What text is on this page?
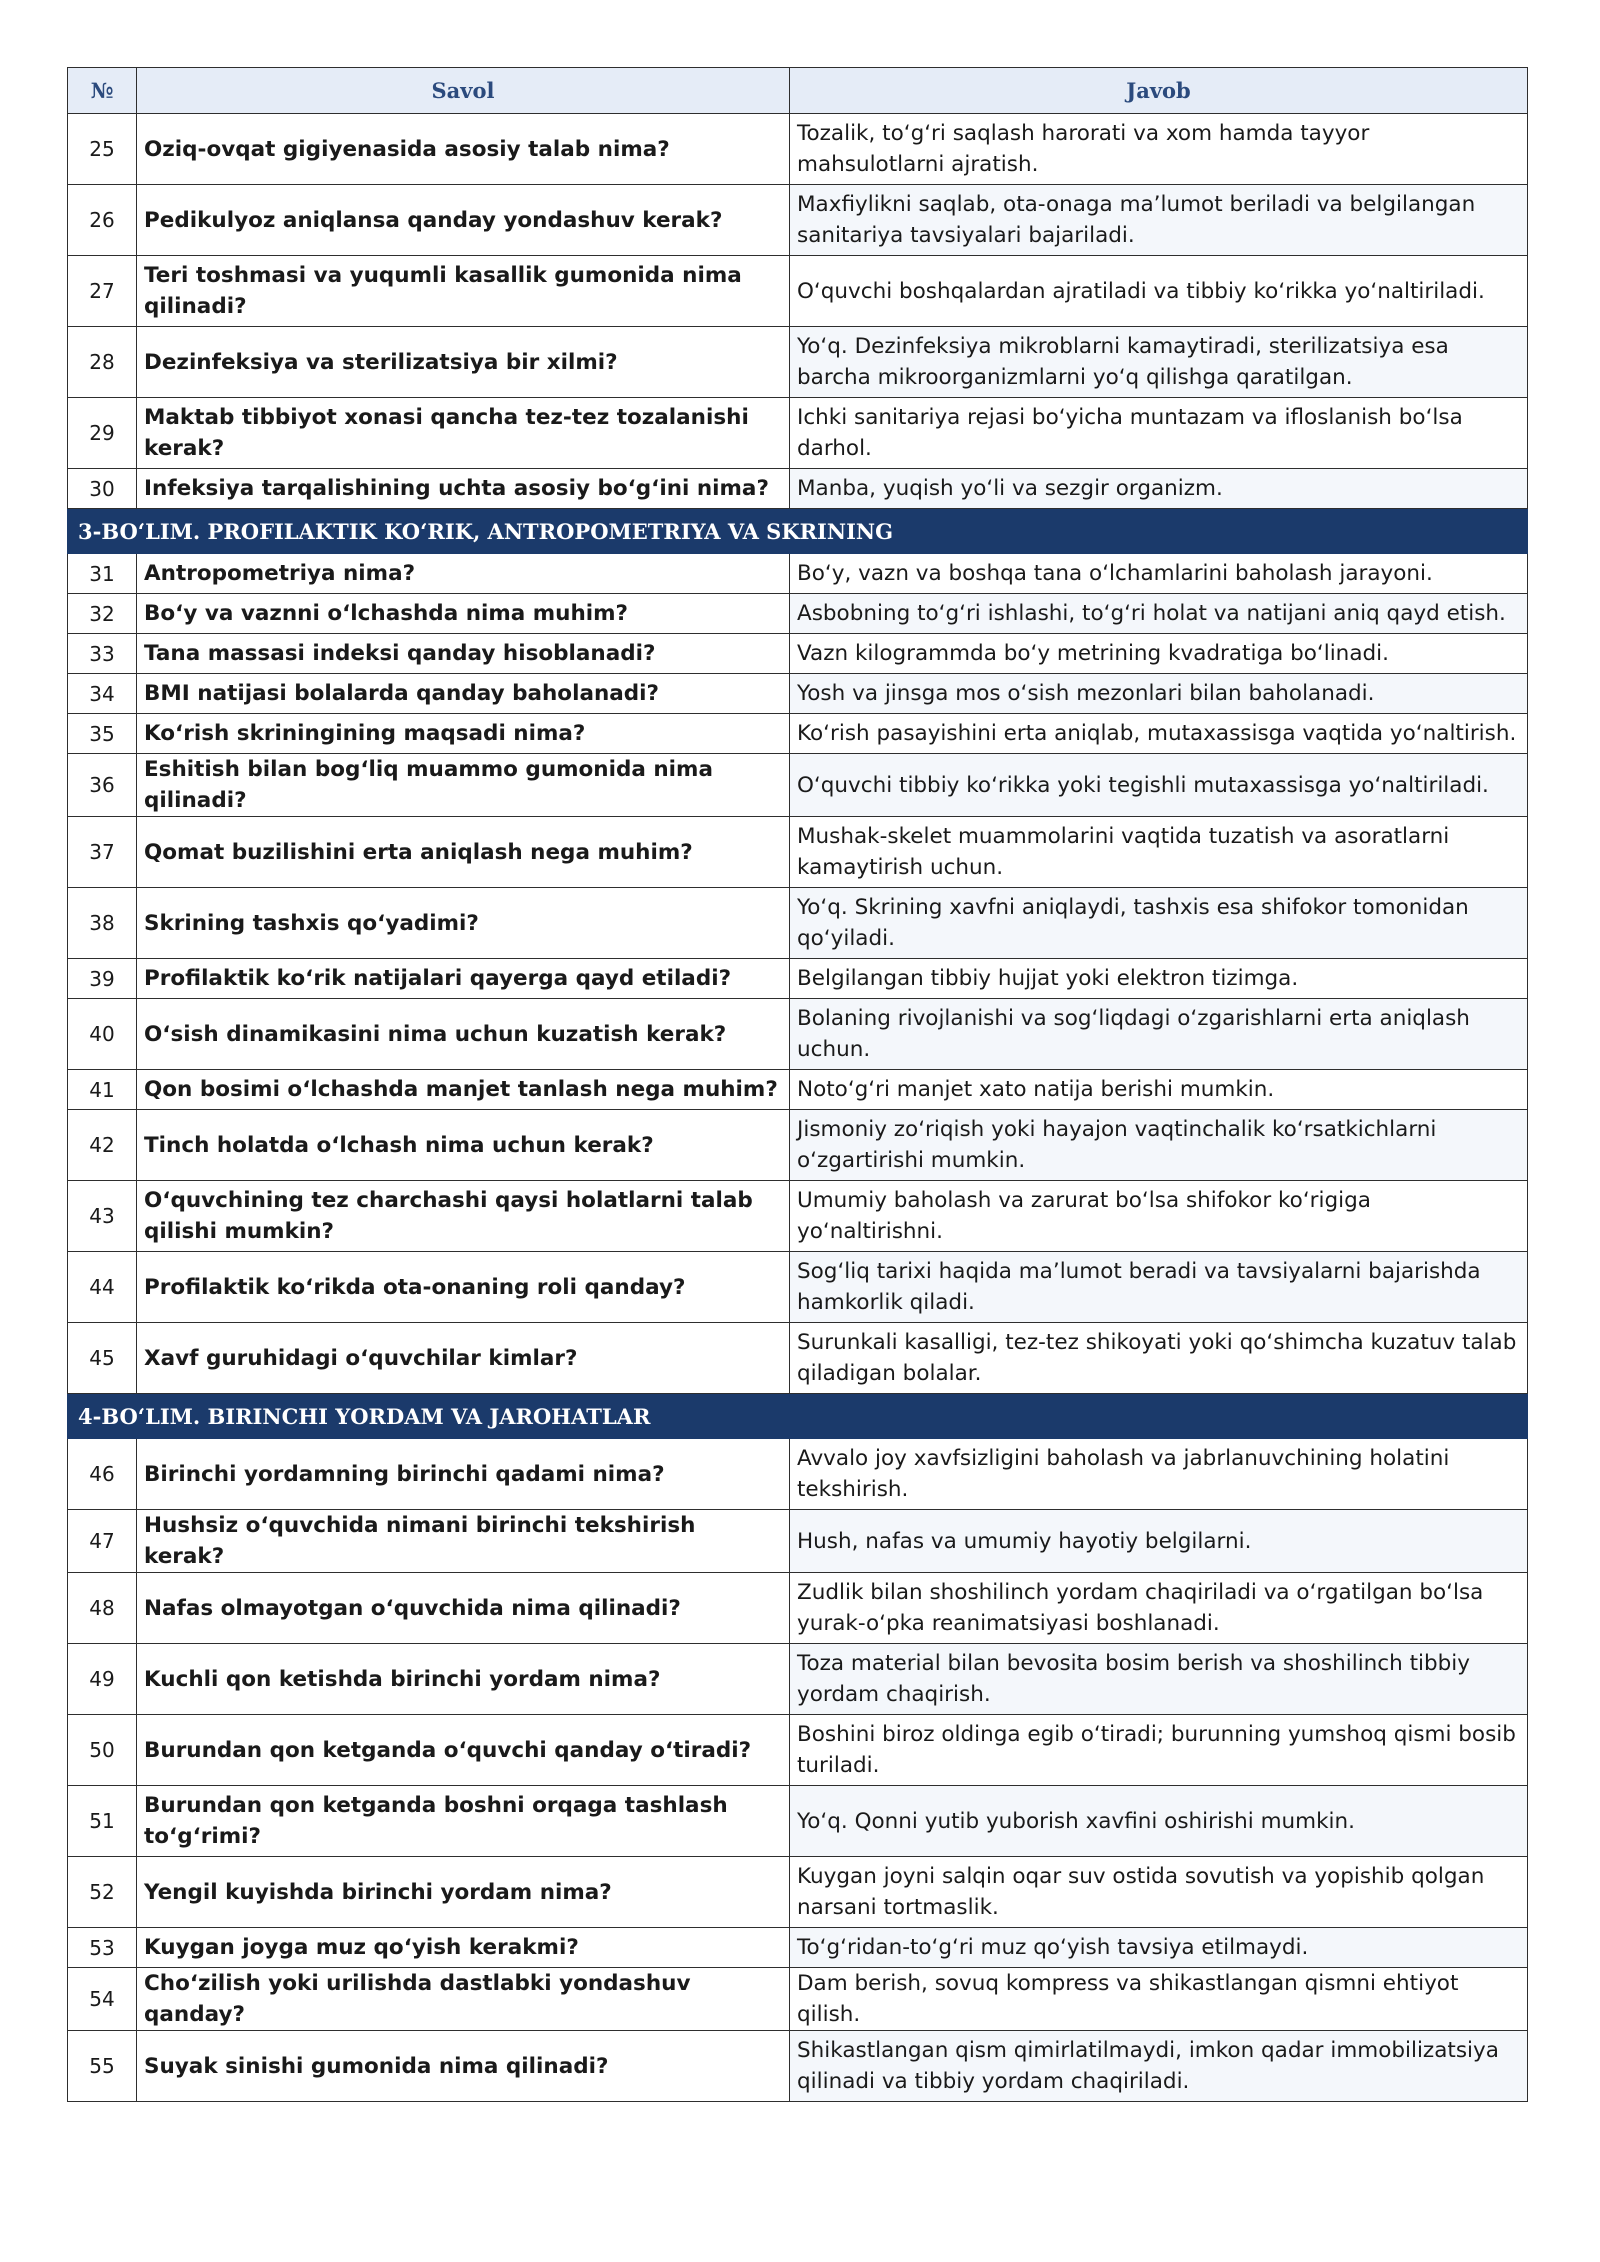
№	Savol	Javob
25	Oziq-ovqat gigiyenasida asosiy talab nima?	Tozalik, to‘g‘ri saqlash harorati va xom hamda tayyor mahsulotlarni ajratish.
26	Pedikulyoz aniqlansa qanday yondashuv kerak?	Maxfiylikni saqlab, ota-onaga ma’lumot beriladi va belgilangan sanitariya tavsiyalari bajariladi.
27	Teri toshmasi va yuqumli kasallik gumonida nima qilinadi?	O‘quvchi boshqalardan ajratiladi va tibbiy ko‘rikka yo‘naltiriladi.
28	Dezinfeksiya va sterilizatsiya bir xilmi?	Yo‘q. Dezinfeksiya mikroblarni kamaytiradi, sterilizatsiya esa barcha mikroorganizmlarni yo‘q qilishga qaratilgan.
29	Maktab tibbiyot xonasi qancha tez-tez tozalanishi kerak?	Ichki sanitariya rejasi bo‘yicha muntazam va ifloslanish bo‘lsa darhol.
30	Infeksiya tarqalishining uchta asosiy bo‘g‘ini nima?	Manba, yuqish yo‘li va sezgir organizm.
3-BO‘LIM. PROFILAKTIK KO‘RIK, ANTROPOMETRIYA VA SKRINING		
31	Antropometriya nima?	Bo‘y, vazn va boshqa tana o‘lchamlarini baholash jarayoni.
32	Bo‘y va vaznni o‘lchashda nima muhim?	Asbobning to‘g‘ri ishlashi, to‘g‘ri holat va natijani aniq qayd etish.
33	Tana massasi indeksi qanday hisoblanadi?	Vazn kilogrammda bo‘y metrining kvadratiga bo‘linadi.
34	BMI natijasi bolalarda qanday baholanadi?	Yosh va jinsga mos o‘sish mezonlari bilan baholanadi.
35	Ko‘rish skriningining maqsadi nima?	Ko‘rish pasayishini erta aniqlab, mutaxassisga vaqtida yo‘naltirish.
36	Eshitish bilan bog‘liq muammo gumonida nima qilinadi?	O‘quvchi tibbiy ko‘rikka yoki tegishli mutaxassisga yo‘naltiriladi.
37	Qomat buzilishini erta aniqlash nega muhim?	Mushak-skelet muammolarini vaqtida tuzatish va asoratlarni kamaytirish uchun.
38	Skrining tashxis qo‘yadimi?	Yo‘q. Skrining xavfni aniqlaydi, tashxis esa shifokor tomonidan qo‘yiladi.
39	Profilaktik ko‘rik natijalari qayerga qayd etiladi?	Belgilangan tibbiy hujjat yoki elektron tizimga.
40	O‘sish dinamikasini nima uchun kuzatish kerak?	Bolaning rivojlanishi va sog‘liqdagi o‘zgarishlarni erta aniqlash uchun.
41	Qon bosimi o‘lchashda manjet tanlash nega muhim?	Noto‘g‘ri manjet xato natija berishi mumkin.
42	Tinch holatda o‘lchash nima uchun kerak?	Jismoniy zo‘riqish yoki hayajon vaqtinchalik ko‘rsatkichlarni o‘zgartirishi mumkin.
43	O‘quvchining tez charchashi qaysi holatlarni talab qilishi mumkin?	Umumiy baholash va zarurat bo‘lsa shifokor ko‘rigiga yo‘naltirishni.
44	Profilaktik ko‘rikda ota-onaning roli qanday?	Sog‘liq tarixi haqida ma’lumot beradi va tavsiyalarni bajarishda hamkorlik qiladi.
45	Xavf guruhidagi o‘quvchilar kimlar?	Surunkali kasalligi, tez-tez shikoyati yoki qo‘shimcha kuzatuv talab qiladigan bolalar.
4-BO‘LIM. BIRINCHI YORDAM VA JAROHATLAR		
46	Birinchi yordamning birinchi qadami nima?	Avvalo joy xavfsizligini baholash va jabrlanuvchining holatini tekshirish.
47	Hushsiz o‘quvchida nimani birinchi tekshirish kerak?	Hush, nafas va umumiy hayotiy belgilarni.
48	Nafas olmayotgan o‘quvchida nima qilinadi?	Zudlik bilan shoshilinch yordam chaqiriladi va o‘rgatilgan bo‘lsa yurak-o‘pka reanimatsiyasi boshlanadi.
49	Kuchli qon ketishda birinchi yordam nima?	Toza material bilan bevosita bosim berish va shoshilinch tibbiy yordam chaqirish.
50	Burundan qon ketganda o‘quvchi qanday o‘tiradi?	Boshini biroz oldinga egib o‘tiradi; burunning yumshoq qismi bosib turiladi.
51	Burundan qon ketganda boshni orqaga tashlash to‘g‘rimi?	Yo‘q. Qonni yutib yuborish xavfini oshirishi mumkin.
52	Yengil kuyishda birinchi yordam nima?	Kuygan joyni salqin oqar suv ostida sovutish va yopishib qolgan narsani tortmaslik.
53	Kuygan joyga muz qo‘yish kerakmi?	To‘g‘ridan-to‘g‘ri muz qo‘yish tavsiya etilmaydi.
54	Cho‘zilish yoki urilishda dastlabki yondashuv qanday?	Dam berish, sovuq kompress va shikastlangan qismni ehtiyot qilish.
55	Suyak sinishi gumonida nima qilinadi?	Shikastlangan qism qimirlatilmaydi, imkon qadar immobilizatsiya qilinadi va tibbiy yordam chaqiriladi.
